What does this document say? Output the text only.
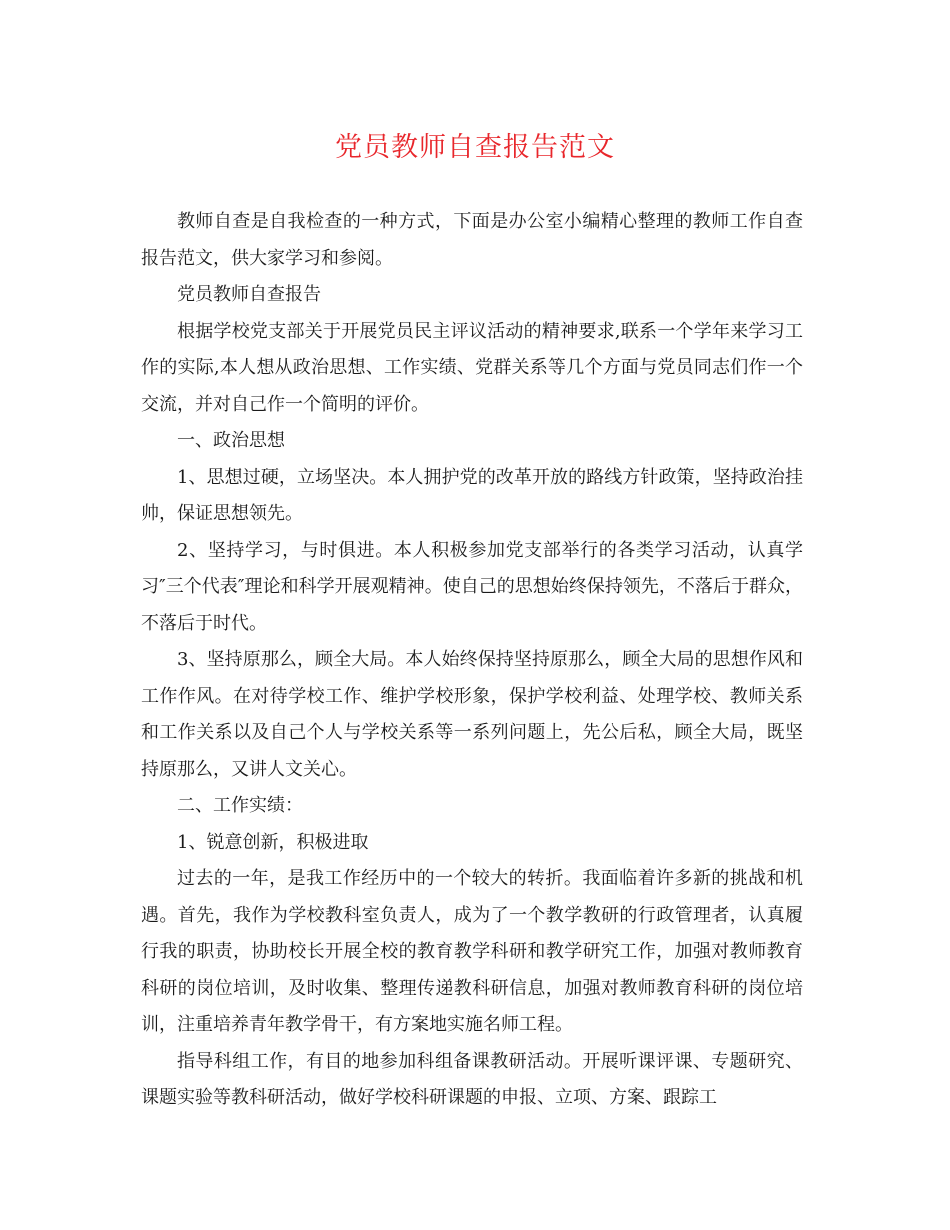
党员教师自查报告范文

教师自查是自我检查的一种方式，下面是办公室小编精心整理的教师工作自查报告范文，供大家学习和参阅。

党员教师自查报告

根据学校党支部关于开展党员民主评议活动的精神要求,联系一个学年来学习工作的实际,本人想从政治思想、工作实绩、党群关系等几个方面与党员同志们作一个交流，并对自己作一个简明的评价。

一、政治思想

1、思想过硬，立场坚决。本人拥护党的改革开放的路线方针政策，坚持政治挂帅，保证思想领先。

2、坚持学习，与时俱进。本人积极参加党支部举行的各类学习活动，认真学习″三个代表″理论和科学开展观精神。使自己的思想始终保持领先，不落后于群众，不落后于时代。

3、坚持原那么，顾全大局。本人始终保持坚持原那么，顾全大局的思想作风和工作作风。在对待学校工作、维护学校形象，保护学校利益、处理学校、教师关系和工作关系以及自己个人与学校关系等一系列问题上，先公后私，顾全大局，既坚持原那么，又讲人文关心。

二、工作实绩：

1、锐意创新，积极进取

过去的一年，是我工作经历中的一个较大的转折。我面临着许多新的挑战和机遇。首先，我作为学校教科室负责人，成为了一个教学教研的行政管理者，认真履行我的职责，协助校长开展全校的教育教学科研和教学研究工作，加强对教师教育科研的岗位培训，及时收集、整理传递教科研信息，加强对教师教育科研的岗位培训，注重培养青年教学骨干，有方案地实施名师工程。

指导科组工作，有目的地参加科组备课教研活动。开展听课评课、专题研究、课题实验等教科研活动，做好学校科研课题的申报、立项、方案、跟踪工
